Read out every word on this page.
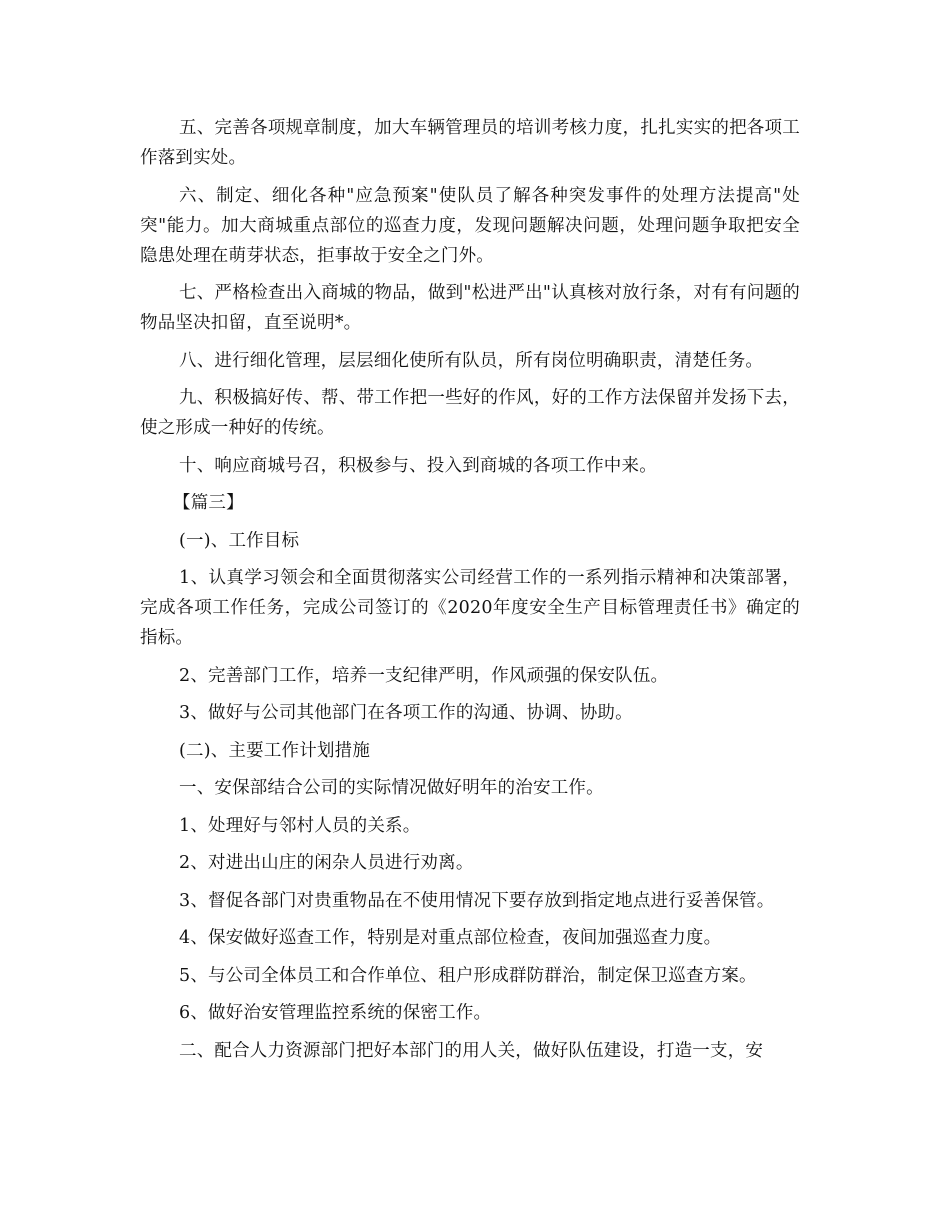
五、完善各项规章制度，加大车辆管理员的培训考核力度，扎扎实实的把各项工作落到实处。

六、制定、细化各种"应急预案"使队员了解各种突发事件的处理方法提高"处突"能力。加大商城重点部位的巡查力度，发现问题解决问题，处理问题争取把安全隐患处理在萌芽状态，拒事故于安全之门外。

七、严格检查出入商城的物品，做到"松进严出"认真核对放行条，对有有问题的物品坚决扣留，直至说明*。

八、进行细化管理，层层细化使所有队员，所有岗位明确职责，清楚任务。

九、积极搞好传、帮、带工作把一些好的作风，好的工作方法保留并发扬下去，使之形成一种好的传统。

十、响应商城号召，积极参与、投入到商城的各项工作中来。

【篇三】

(一)、工作目标

1、认真学习领会和全面贯彻落实公司经营工作的一系列指示精神和决策部署，完成各项工作任务，完成公司签订的《2020年度安全生产目标管理责任书》确定的指标。

2、完善部门工作，培养一支纪律严明，作风顽强的保安队伍。

3、做好与公司其他部门在各项工作的沟通、协调、协助。

(二)、主要工作计划措施

一、安保部结合公司的实际情况做好明年的治安工作。

1、处理好与邻村人员的关系。

2、对进出山庄的闲杂人员进行劝离。

3、督促各部门对贵重物品在不使用情况下要存放到指定地点进行妥善保管。

4、保安做好巡查工作，特别是对重点部位检查，夜间加强巡查力度。

5、与公司全体员工和合作单位、租户形成群防群治，制定保卫巡查方案。

6、做好治安管理监控系统的保密工作。

二、配合人力资源部门把好本部门的用人关，做好队伍建设，打造一支，安
